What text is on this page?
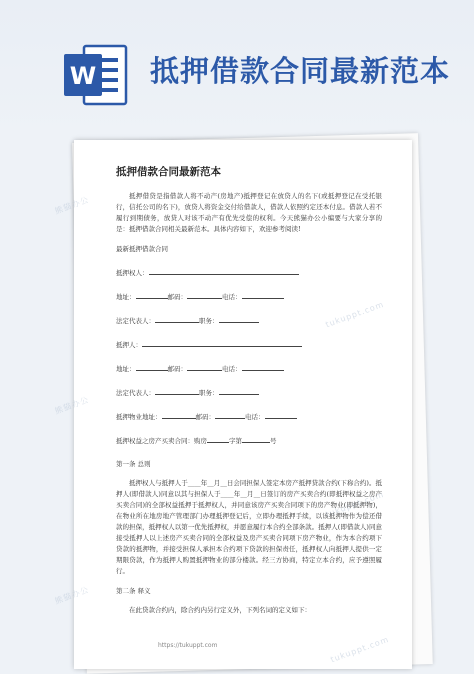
W 抵押借款合同最新范本
熊猫办公
tukuppt.com
熊猫办公
tukuppt.com
熊猫办公
tukuppt.com
抵押借款合同最新范本

抵押借贷是指借款人将不动产(房地产)抵押登记在放贷人的名下(或抵押登记在受托银行，信托公司的名下)，放贷人将资金交付给借款人，借款人依照约定还本付息。借款人若不履行到期债务，放贷人对该不动产有优先受偿的权利。今天熊猫办公小编要与大家分享的是：抵押借款合同相关最新范本。具体内容如下，欢迎参考阅读!

最新抵押借款合同
抵押权人：
地址：	邮码：	电话：
法定代表人：	职务：
抵押人：
地址：	邮码：	电话：
法定代表人：	职务：
抵押物业地址：	邮码：	电话：
抵押权益之房产买卖合同：购房	字第	号
第一条 总则

抵押权人与抵押人于____年__月__日会同担保人签定本房产抵押贷款合约(下称合约)。抵押人(即借款人)同意以其与担保人于____年__月__日签订的房产买卖合约(即抵押权益之房产买卖合同)的全部权益抵押于抵押权人，并同意该房产买卖合同项下的房产物业(即抵押物)，在物业所在地房地产管理部门办理抵押登记后，立即办理抵押手续，以该抵押物作为偿还借款的担保，抵押权人以第一优先抵押权，并愿意履行本合约全部条款。抵押人(即借款人)同意接受抵押人以上述房产买卖合同的全部权益及房产买卖合同项下房产物业，作为本合约项下贷款的抵押物，并接受担保人承担本合约项下贷款的担保责任，抵押权人向抵押人提供一定期限贷款，作为抵押人购置抵押物业的部分楼款。经三方协商，特定立本合约，应予遵照履行。

第二条 释义

在此贷款合约内，除合约内另行定义外，下列名词的定义如下：

https://tukuppt.com
